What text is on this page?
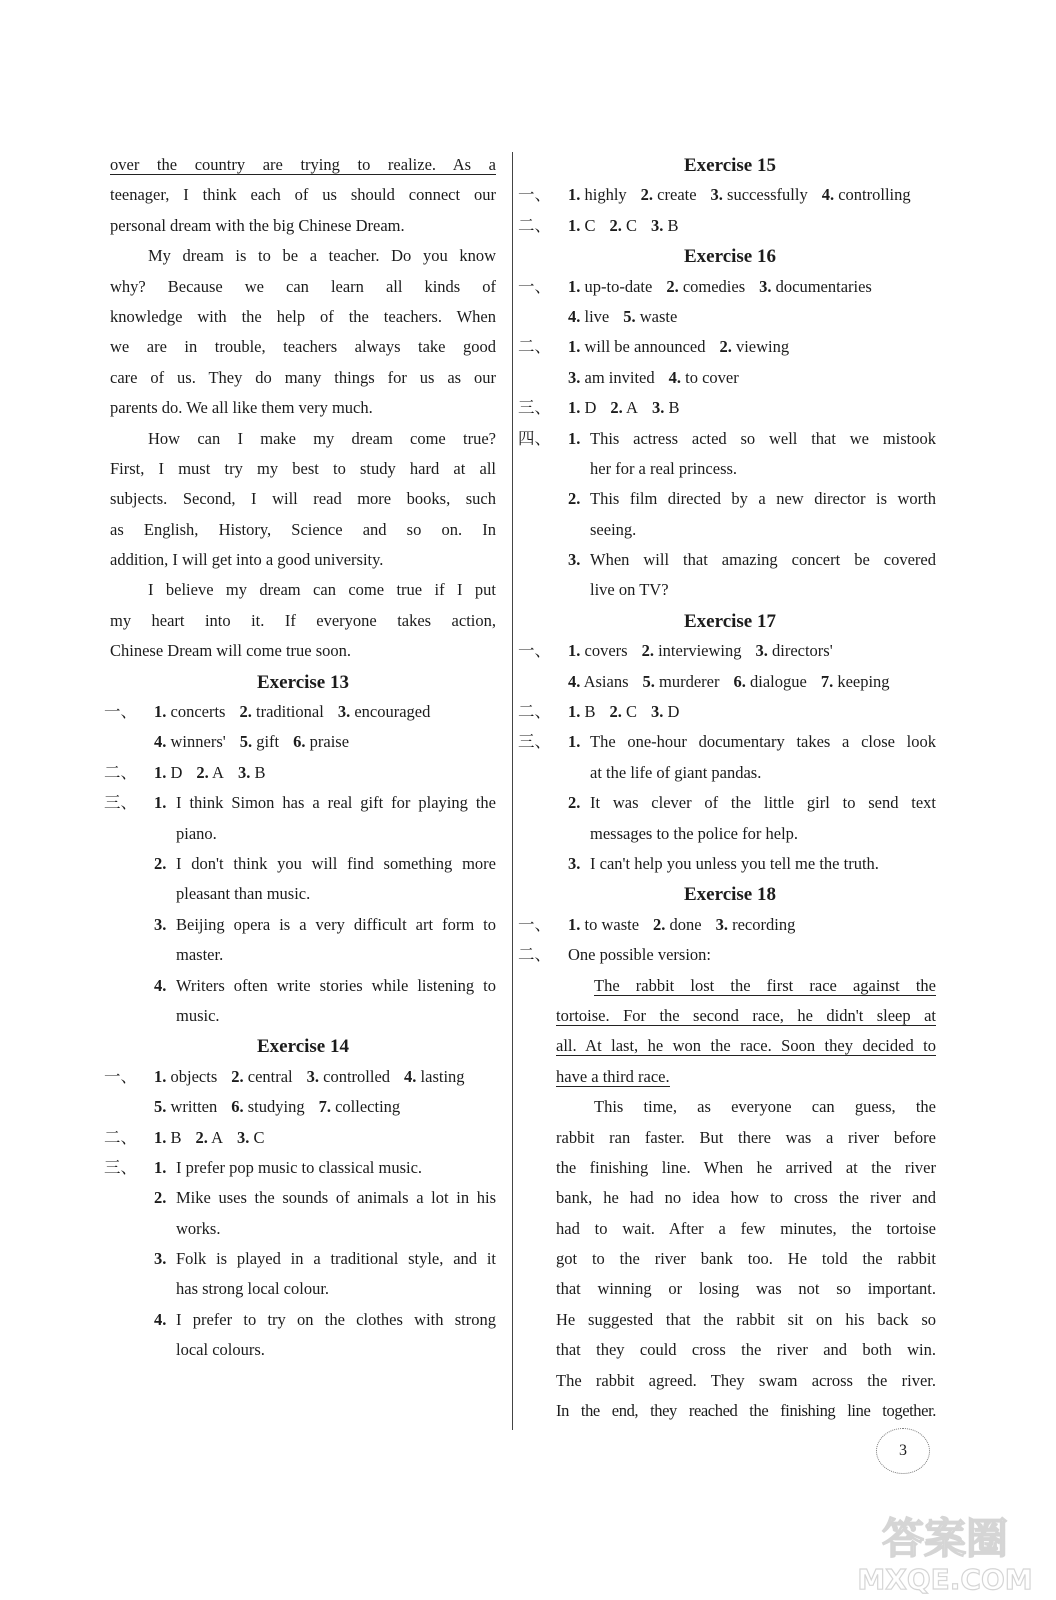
over the country are trying to realize. As a
teenager, I think each of us should connect our
personal dream with the big Chinese Dream.
My dream is to be a teacher. Do you know
why? Because we can learn all kinds of
knowledge with the help of the teachers. When
we are in trouble, teachers always take good
care of us. They do many things for us as our
parents do. We all like them very much.
How can I make my dream come true?
First, I must try my best to study hard at all
subjects. Second, I will read more books, such
as English, History, Science and so on. In
addition, I will get into a good university.
I believe my dream can come true if I put
my heart into it. If everyone takes action,
Chinese Dream will come true soon.
Exercise 13
一、	1. concerts 2. traditional 3. encouraged
4. winners' 5. gift 6. praise
二、	1. D 2. A 3. B
三、	1. I think Simon has a real gift for playing the
piano.
2. I don't think you will find something more
pleasant than music.
3. Beijing opera is a very difficult art form to
master.
4. Writers often write stories while listening to
music.
Exercise 14
一、	1. objects 2. central 3. controlled 4. lasting
5. written 6. studying 7. collecting
二、	1. B 2. A 3. C
三、	1. I prefer pop music to classical music.
2. Mike uses the sounds of animals a lot in his
works.
3. Folk is played in a traditional style, and it
has strong local colour.
4. I prefer to try on the clothes with strong
local colours.
Exercise 15
一、	1. highly 2. create 3. successfully 4. controlling
二、	1. C 2. C 3. B
Exercise 16
一、	1. up-to-date 2. comedies 3. documentaries
4. live 5. waste
二、	1. will be announced 2. viewing
3. am invited 4. to cover
三、	1. D 2. A 3. B
四、	1. This actress acted so well that we mistook
her for a real princess.
2. This film directed by a new director is worth
seeing.
3. When will that amazing concert be covered
live on TV?
Exercise 17
一、	1. covers 2. interviewing 3. directors'
4. Asians 5. murderer 6. dialogue 7. keeping
二、	1. B 2. C 3. D
三、	1. The one-hour documentary takes a close look
at the life of giant pandas.
2. It was clever of the little girl to send text
messages to the police for help.
3. I can't help you unless you tell me the truth.
Exercise 18
一、	1. to waste 2. done 3. recording
二、	One possible version:
The rabbit lost the first race against the
tortoise. For the second race, he didn't sleep at
all. At last, he won the race. Soon they decided to
have a third race.
This time, as everyone can guess, the
rabbit ran faster. But there was a river before
the finishing line. When he arrived at the river
bank, he had no idea how to cross the river and
had to wait. After a few minutes, the tortoise
got to the river bank too. He told the rabbit
that winning or losing was not so important.
He suggested that the rabbit sit on his back so
that they could cross the river and both win.
The rabbit agreed. They swam across the river.
In the end, they reached the finishing line together.
3
答案圈
MXQE.COM
